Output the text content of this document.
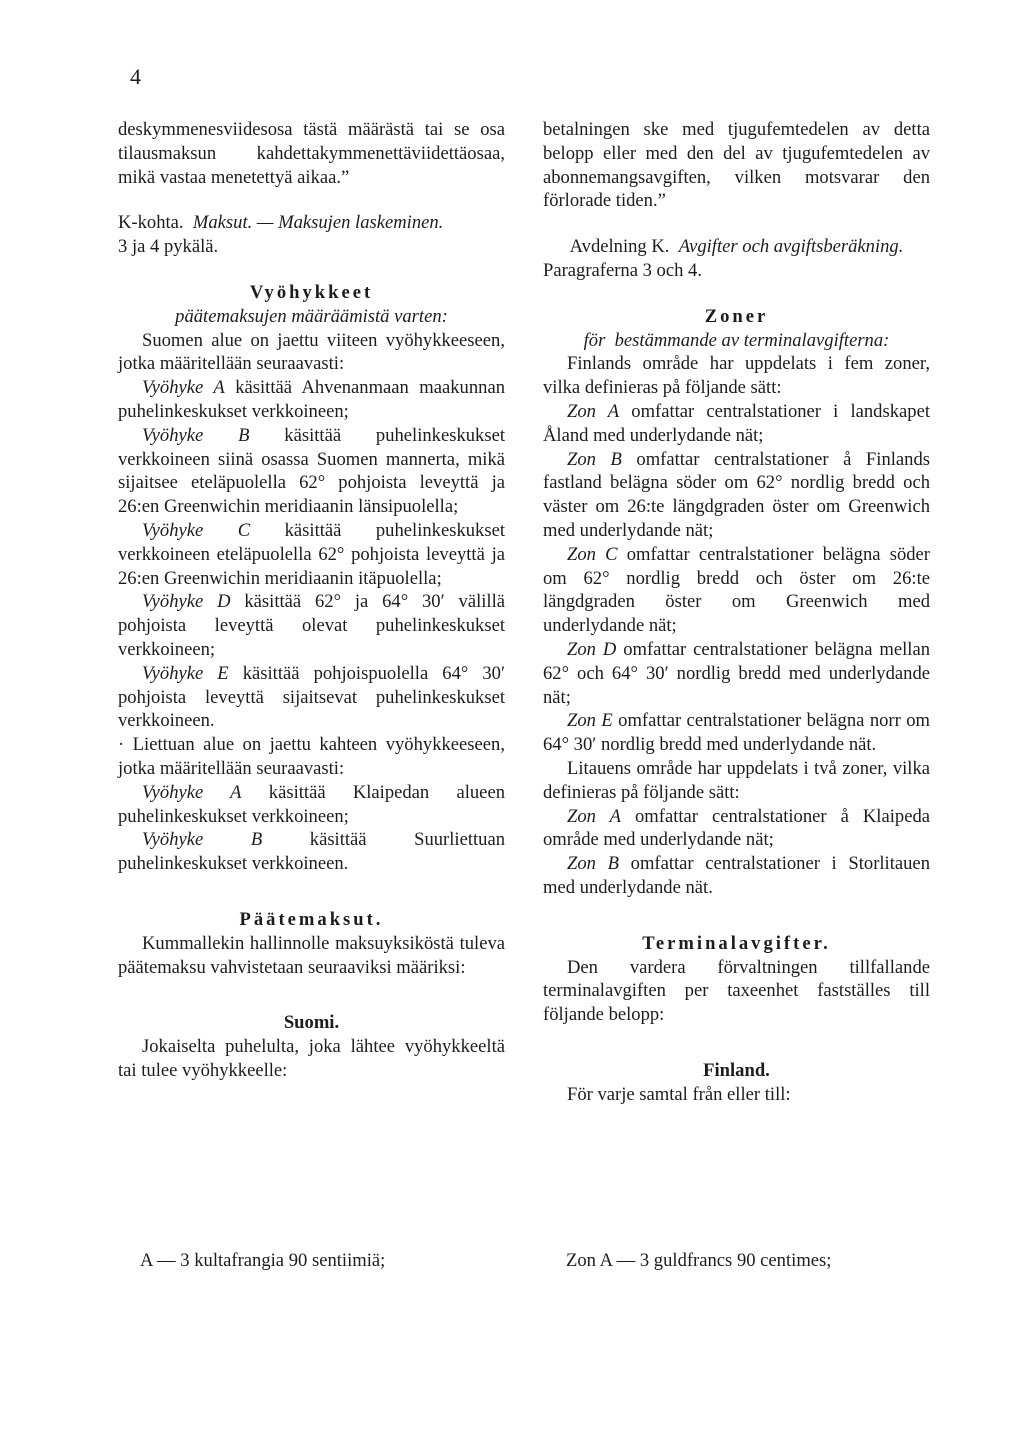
4

deskymmenesviidesosa tästä määrästä tai se osa tilausmaksun kahdettakymmenettäviidettäosaa, mikä vastaa menetettyä aikaa.”

K-kohta. Maksut. — Maksujen laskeminen.

3 ja 4 pykälä.

Vyöhykkeet

päätemaksujen määräämistä varten:

Suomen alue on jaettu viiteen vyöhykkeeseen, jotka määritellään seuraavasti:

Vyöhyke A käsittää Ahvenanmaan maakunnan puhelinkeskukset verkkoineen;

Vyöhyke B käsittää puhelinkeskukset verkkoineen siinä osassa Suomen mannerta, mikä sijaitsee eteläpuolella 62° pohjoista leveyttä ja 26:en Greenwichin meridiaanin länsipuolella;

Vyöhyke C käsittää puhelinkeskukset verkkoineen eteläpuolella 62° pohjoista leveyttä ja 26:en Greenwichin meridiaanin itäpuolella;

Vyöhyke D käsittää 62° ja 64° 30′ välillä pohjoista leveyttä olevat puhelinkeskukset verkkoineen;

Vyöhyke E käsittää pohjoispuolella 64° 30′ pohjoista leveyttä sijaitsevat puhelinkeskukset verkkoineen.

· Liettuan alue on jaettu kahteen vyöhykkeeseen, jotka määritellään seuraavasti:

Vyöhyke A käsittää Klaipedan alueen puhelinkeskukset verkkoineen;

Vyöhyke B	käsittää Suurliettuan puhelinkeskukset verkkoineen.

Päätemaksut.

Kummallekin hallinnolle maksuyksiköstä tuleva päätemaksu vahvistetaan seuraaviksi määriksi:

Suomi.

Jokaiselta puhelulta, joka lähtee vyöhykkeeltä tai tulee vyöhykkeelle:

betalningen ske med tjugufemtedelen av detta belopp eller med den del av tjugufemtedelen av abonnemangsavgiften, vilken motsvarar den förlorade tiden.”

Avdelning K. Avgifter och avgiftsberäkning.

Paragraferna 3 och 4.

Zoner

för bestämmande av terminalavgifterna:

Finlands område har uppdelats i fem zoner, vilka definieras på följande sätt:

Zon A omfattar centralstationer i landskapet Åland med underlydande nät;

Zon B omfattar centralstationer å Finlands fastland belägna söder om 62° nordlig bredd och väster om 26:te längdgraden öster om Greenwich med underlydande nät;

Zon C omfattar centralstationer belägna söder om 62° nordlig bredd och öster om 26:te längdgraden öster om Greenwich med underlydande nät;

Zon D omfattar centralstationer belägna mellan 62° och 64° 30′ nordlig bredd med underlydande nät;

Zon E omfattar centralstationer belägna norr om 64° 30′ nordlig bredd med underlydande nät.

Litauens område har uppdelats i två zoner, vilka definieras på följande sätt:

Zon A omfattar centralstationer å Klaipeda område med underlydande nät;

Zon B omfattar centralstationer i Storlitauen med underlydande nät.

Terminalavgifter.

Den vardera förvaltningen tillfallande terminalavgiften per taxeenhet fastställes till följande belopp:

Finland.

För varje samtal från eller till:

A — 3 kultafrangia 90 sentiimiä;	Zon A — 3 guldfrancs 90 centimes;
